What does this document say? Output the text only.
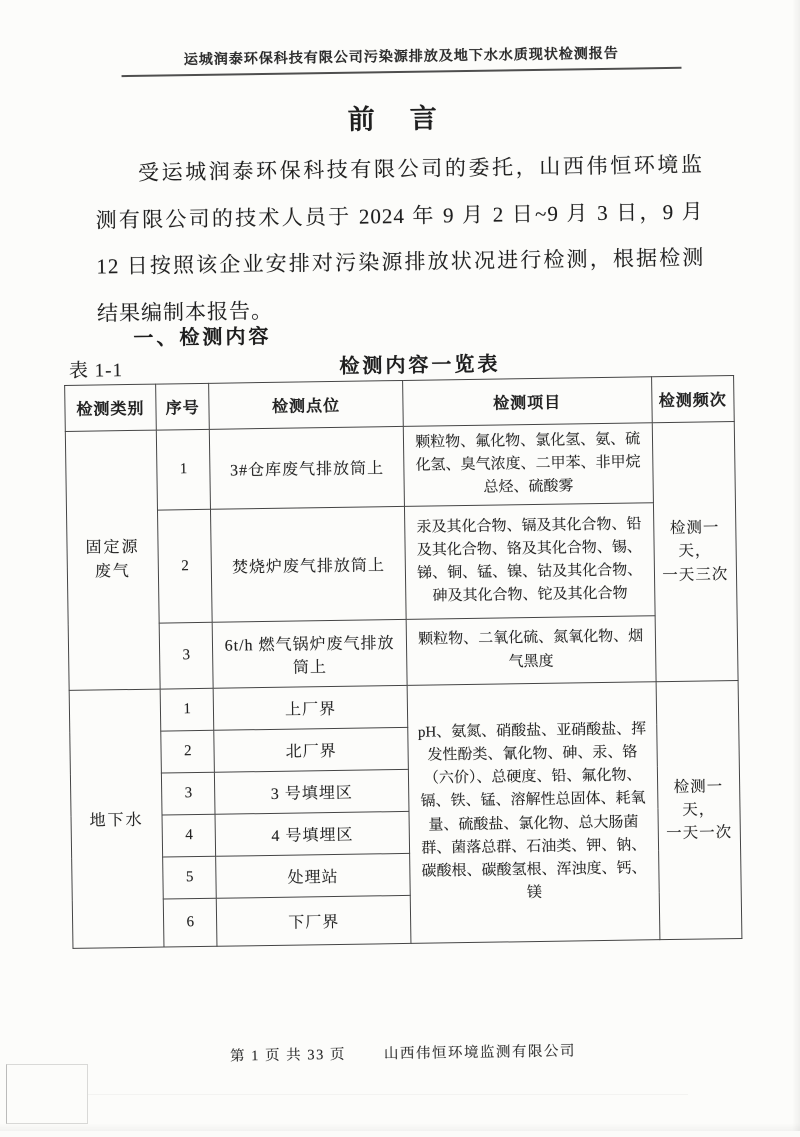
运城润泰环保科技有限公司污染源排放及地下水水质现状检测报告
前　言
受运城润泰环保科技有限公司的委托，山西伟恒环境监
测有限公司的技术人员于 2024 年 9 月 2 日~9 月 3 日，9 月
12 日按照该企业安排对污染源排放状况进行检测，根据检测
结果编制本报告。
一、检测内容
表 1-1	检测内容一览表
检测类别	序号	检测点位	检测项目	检测频次
固定源
废气	1	3#仓库废气排放筒上	颗粒物、氟化物、氯化氢、氨、硫化氢、臭气浓度、二甲苯、非甲烷总烃、硫酸雾	检测一天，
一天三次
	2	焚烧炉废气排放筒上	汞及其化合物、镉及其化合物、铅及其化合物、铬及其化合物、锡、锑、铜、锰、镍、钴及其化合物、砷及其化合物、铊及其化合物	
	3	6t/h 燃气锅炉废气排放筒上	颗粒物、二氧化硫、氮氧化物、烟气黑度	
地下水	1	上厂界	pH、氨氮、硝酸盐、亚硝酸盐、挥发性酚类、氰化物、砷、汞、铬（六价）、总硬度、铅、氟化物、镉、铁、锰、溶解性总固体、耗氧量、硫酸盐、氯化物、总大肠菌群、菌落总群、石油类、钾、钠、碳酸根、碳酸氢根、浑浊度、钙、镁	检测一天，
一天一次
	2	北厂界		
	3	3 号填埋区		
	4	4 号填埋区		
	5	处理站		
	6	下厂界		
第 1 页 共 33 页	山西伟恒环境监测有限公司
